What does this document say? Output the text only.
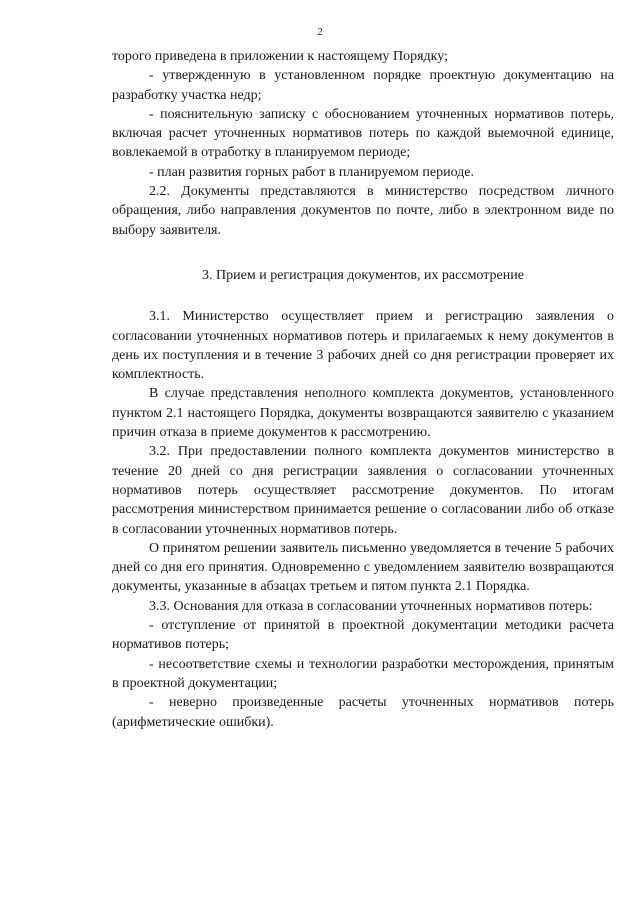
2

торого приведена в приложении к настоящему Порядку;

- утвержденную в установленном порядке проектную документацию на разработку участка недр;

- пояснительную записку с обоснованием уточненных нормативов потерь, включая расчет уточненных нормативов потерь по каждой выемочной единице, вовлекаемой в отработку в планируемом периоде;

- план развития горных работ в планируемом периоде.

2.2. Документы представляются в министерство посредством личного обращения, либо направления документов по почте, либо в электронном виде по выбору заявителя.

3. Прием и регистрация документов, их рассмотрение

3.1. Министерство осуществляет прием и регистрацию заявления о согласовании уточненных нормативов потерь и прилагаемых к нему документов в день их поступления и в течение 3 рабочих дней со дня регистрации проверяет их комплектность.

В случае представления неполного комплекта документов, установленного пунктом 2.1 настоящего Порядка, документы возвращаются заявителю с указанием причин отказа в приеме документов к рассмотрению.

3.2. При предоставлении полного комплекта документов министерство в течение 20 дней со дня регистрации заявления о согласовании уточненных нормативов потерь осуществляет рассмотрение документов. По итогам рассмотрения министерством принимается решение о согласовании либо об отказе в согласовании уточненных нормативов потерь.

О принятом решении заявитель письменно уведомляется в течение 5 рабочих дней со дня его принятия. Одновременно с уведомлением заявителю возвращаются документы, указанные в абзацах третьем и пятом пункта 2.1 Порядка.

3.3. Основания для отказа в согласовании уточненных нормативов потерь:

- отступление от принятой в проектной документации методики расчета нормативов потерь;

- несоответствие схемы и технологии разработки месторождения, принятым в проектной документации;

- неверно произведенные расчеты уточненных нормативов потерь (арифметические ошибки).
